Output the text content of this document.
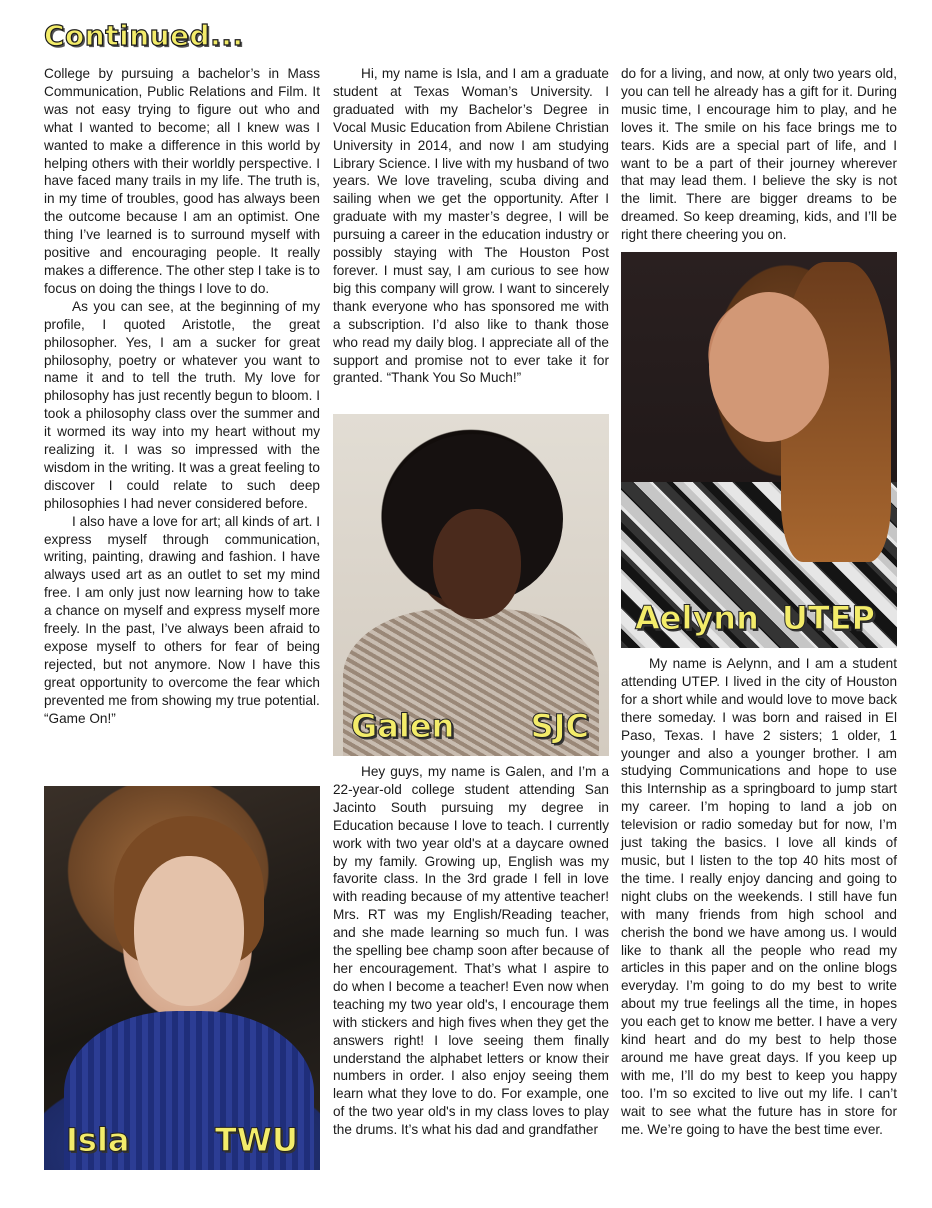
Continued...

College by pursuing a bachelor’s in Mass Communication, Public Relations and Film. It was not easy trying to figure out who and what I wanted to become; all I knew was I wanted to make a difference in this world by helping others with their worldly perspective. I have faced many trails in my life. The truth is, in my time of troubles, good has always been the outcome because I am an optimist. One thing I’ve learned is to surround myself with positive and encouraging people. It really makes a difference. The other step I take is to focus on doing the things I love to do.

As you can see, at the beginning of my profile, I quoted Aristotle, the great philosopher. Yes, I am a sucker for great philosophy, poetry or whatever you want to name it and to tell the truth. My love for philosophy has just recently begun to bloom. I took a philosophy class over the summer and it wormed its way into my heart without my realizing it. I was so impressed with the wisdom in the writing. It was a great feeling to discover I could relate to such deep philosophies I had never considered before.

I also have a love for art; all kinds of art. I express myself through communication, writing, painting, drawing and fashion. I have always used art as an outlet to set my mind free. I am only just now learning how to take a chance on myself and express myself more freely. In the past, I’ve always been afraid to expose myself to others for fear of being rejected, but not anymore. Now I have this great opportunity to overcome the fear which prevented me from showing my true potential.

“Game On!”

Isla	TWU

Hi, my name is Isla, and I am a graduate student at Texas Woman’s University. I graduated with my Bachelor’s Degree in Vocal Music Education from Abilene Christian University in 2014, and now I am studying Library Science. I live with my husband of two years. We love traveling, scuba diving and sailing when we get the opportunity. After I graduate with my master’s degree, I will be pursuing a career in the education industry or possibly staying with The Houston Post forever. I must say, I am curious to see how big this company will grow. I want to sincerely thank everyone who has sponsored me with a subscription. I’d also like to thank those who read my daily blog. I appreciate all of the support and promise not to ever take it for granted. “Thank You So Much!”

Galen SJC

Hey guys, my name is Galen, and I’m a 22-year-old college student attending San Jacinto South pursuing my degree in Education because I love to teach. I currently work with two year old's at a daycare owned by my family. Growing up, English was my favorite class. In the 3rd grade I fell in love with reading because of my attentive teacher! Mrs. RT was my English/Reading teacher, and she made learning so much fun. I was the spelling bee champ soon after because of her encouragement. That’s what I aspire to do when I become a teacher! Even now when teaching my two year old's, I encourage them with stickers and high fives when they get the answers right! I love seeing them finally understand the alphabet letters or know their numbers in order. I also enjoy seeing them learn what they love to do. For example, one of the two year old's in my class loves to play the drums. It’s what his dad and grandfather

do for a living, and now, at only two years old, you can tell he already has a gift for it. During music time, I encourage him to play, and he loves it. The smile on his face brings me to tears. Kids are a special part of life, and I want to be a part of their journey wherever that may lead them. I believe the sky is not the limit. There are bigger dreams to be dreamed. So keep dreaming, kids, and I’ll be right there cheering you on.

Aelynn UTEP

My name is Aelynn, and I am a student attending UTEP. I lived in the city of Houston for a short while and would love to move back there someday. I was born and raised in El Paso, Texas. I have 2 sisters; 1 older, 1 younger and also a younger brother. I am studying Communications and hope to use this Internship as a springboard to jump start my career. I’m hoping to land a job on television or radio someday but for now, I’m just taking the basics. I love all kinds of music, but I listen to the top 40 hits most of the time. I really enjoy dancing and going to night clubs on the weekends. I still have fun with many friends from high school and cherish the bond we have among us. I would like to thank all the people who read my articles in this paper and on the online blogs everyday. I’m going to do my best to write about my true feelings all the time, in hopes you each get to know me better. I have a very kind heart and do my best to help those around me have great days. If you keep up with me, I’ll do my best to keep you happy too. I’m so excited to live out my life. I can’t wait to see what the future has in store for me. We’re going to have the best time ever.
